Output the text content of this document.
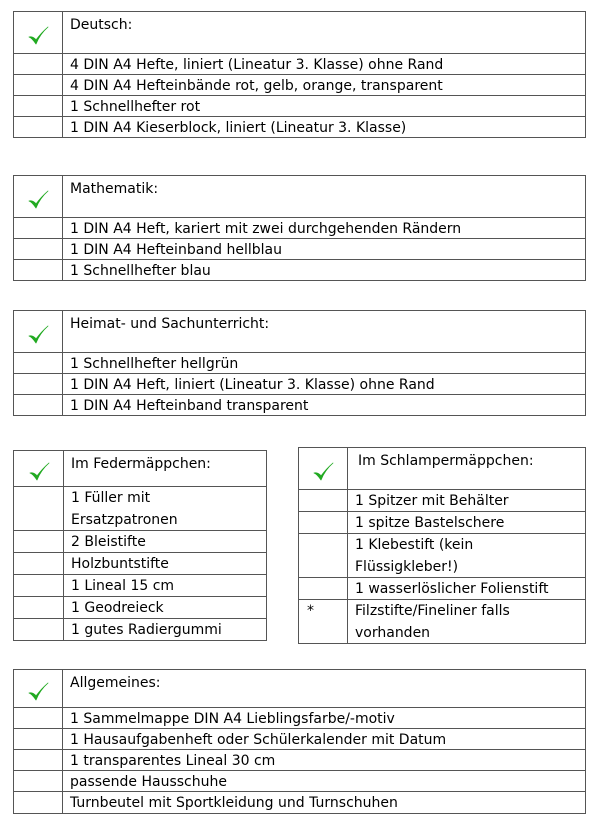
Deutsch:
4 DIN A4 Hefte, liniert (Lineatur 3. Klasse) ohne Rand
4 DIN A4 Hefteinbände rot, gelb, orange, transparent
1 Schnellhefter rot
1 DIN A4 Kieserblock, liniert (Lineatur 3. Klasse)
Mathematik:
1 DIN A4 Heft, kariert mit zwei durchgehenden Rändern
1 DIN A4 Hefteinband hellblau
1 Schnellhefter blau
Heimat- und Sachunterricht:
1 Schnellhefter hellgrün
1 DIN A4 Heft, liniert (Lineatur 3. Klasse) ohne Rand
1 DIN A4 Hefteinband transparent
Im Federmäppchen:
1 Füller mit
Ersatzpatronen
2 Bleistifte
Holzbuntstifte
1 Lineal 15 cm
1 Geodreieck
1 gutes Radiergummi
Im Schlampermäppchen:
1 Spitzer mit Behälter
1 spitze Bastelschere
1 Klebestift (kein
Flüssigkleber!)
1 wasserlöslicher Folienstift
*	Filzstifte/Fineliner falls
vorhanden
Allgemeines:
1 Sammelmappe DIN A4 Lieblingsfarbe/-motiv
1 Hausaufgabenheft oder Schülerkalender mit Datum
1 transparentes Lineal 30 cm
passende Hausschuhe
Turnbeutel mit Sportkleidung und Turnschuhen
